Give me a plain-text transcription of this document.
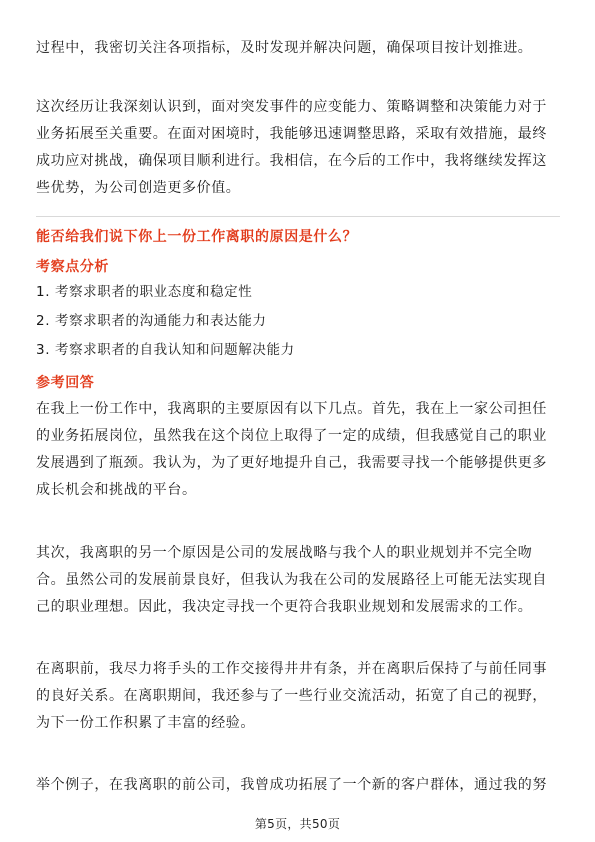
过程中，我密切关注各项指标，及时发现并解决问题，确保项目按计划推进。

这次经历让我深刻认识到，面对突发事件的应变能力、策略调整和决策能力对于业务拓展至关重要。在面对困境时，我能够迅速调整思路，采取有效措施，最终成功应对挑战，确保项目顺利进行。我相信，在今后的工作中，我将继续发挥这些优势，为公司创造更多价值。

能否给我们说下你上一份工作离职的原因是什么？

考察点分析

1. 考察求职者的职业态度和稳定性

2. 考察求职者的沟通能力和表达能力

3. 考察求职者的自我认知和问题解决能力

参考回答

在我上一份工作中，我离职的主要原因有以下几点。首先，我在上一家公司担任的业务拓展岗位，虽然我在这个岗位上取得了一定的成绩，但我感觉自己的职业发展遇到了瓶颈。我认为，为了更好地提升自己，我需要寻找一个能够提供更多成长机会和挑战的平台。

其次，我离职的另一个原因是公司的发展战略与我个人的职业规划并不完全吻合。虽然公司的发展前景良好，但我认为我在公司的发展路径上可能无法实现自己的职业理想。因此，我决定寻找一个更符合我职业规划和发展需求的工作。

在离职前，我尽力将手头的工作交接得井井有条，并在离职后保持了与前任同事的良好关系。在离职期间，我还参与了一些行业交流活动，拓宽了自己的视野，为下一份工作积累了丰富的经验。

举个例子，在我离职的前公司，我曾成功拓展了一个新的客户群体，通过我的努

第5页，共50页
